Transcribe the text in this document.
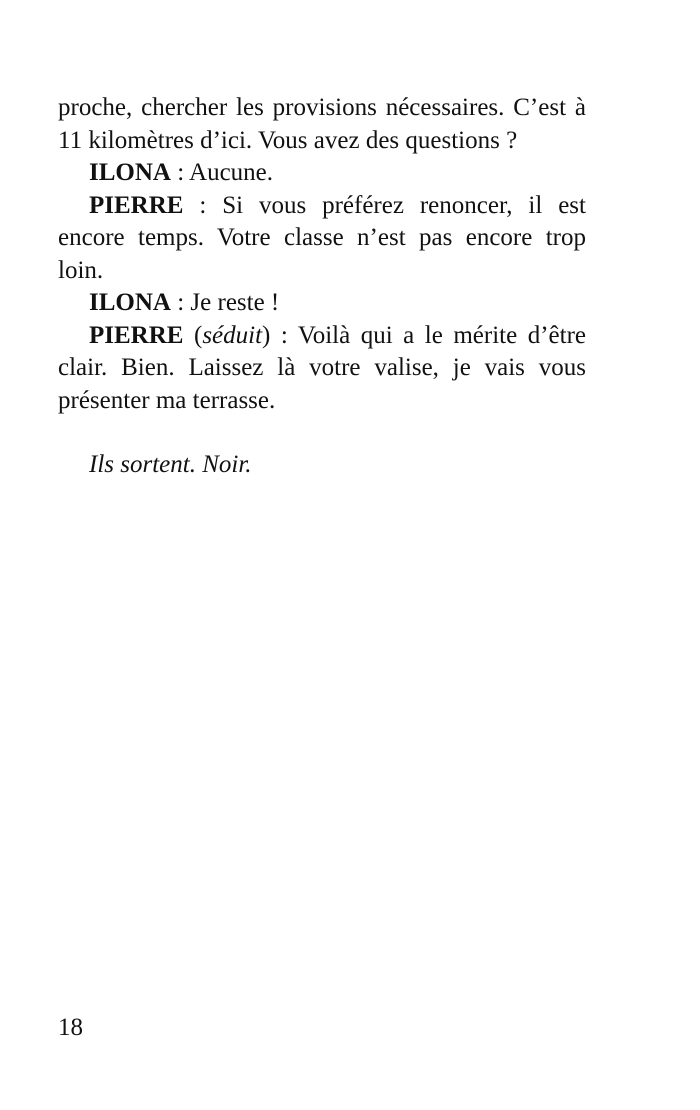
proche, chercher les provisions nécessaires. C’est à 11 kilomètres d’ici. Vous avez des questions ?

ILONA : Aucune.

PIERRE : Si vous préférez renoncer, il est encore temps. Votre classe n’est pas encore trop loin.

ILONA : Je reste !

PIERRE (séduit) : Voilà qui a le mérite d’être clair. Bien. Laissez là votre valise, je vais vous présenter ma terrasse.

Ils sortent. Noir.

18
